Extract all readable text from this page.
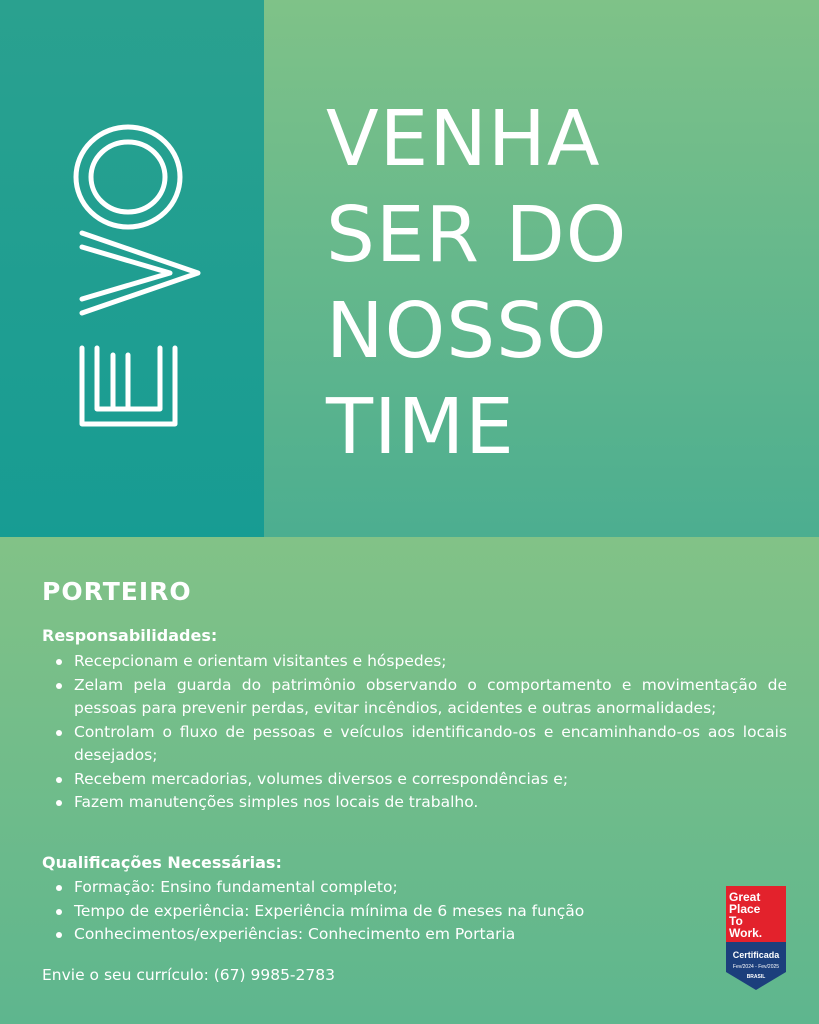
VENHA
SER DO
NOSSO
TIME
PORTEIRO
Responsabilidades:
Recepcionam e orientam visitantes e hóspedes;
Zelam pela guarda do patrimônio observando o comportamento e movimentação de pessoas para prevenir perdas, evitar incêndios, acidentes e outras anormalidades;
Controlam o fluxo de pessoas e veículos identificando-os e encaminhando-os aos locais desejados;
Recebem mercadorias, volumes diversos e correspondências e;
Fazem manutenções simples nos locais de trabalho.
Qualificações Necessárias:
Formação: Ensino fundamental completo;
Tempo de experiência: Experiência mínima de 6 meses na função
Conhecimentos/experiências: Conhecimento em Portaria

Envie o seu currículo: (67) 9985-2783

Great
Place
To
Work.
Certificada
Fev/2024 - Fev/2025
BRASIL
